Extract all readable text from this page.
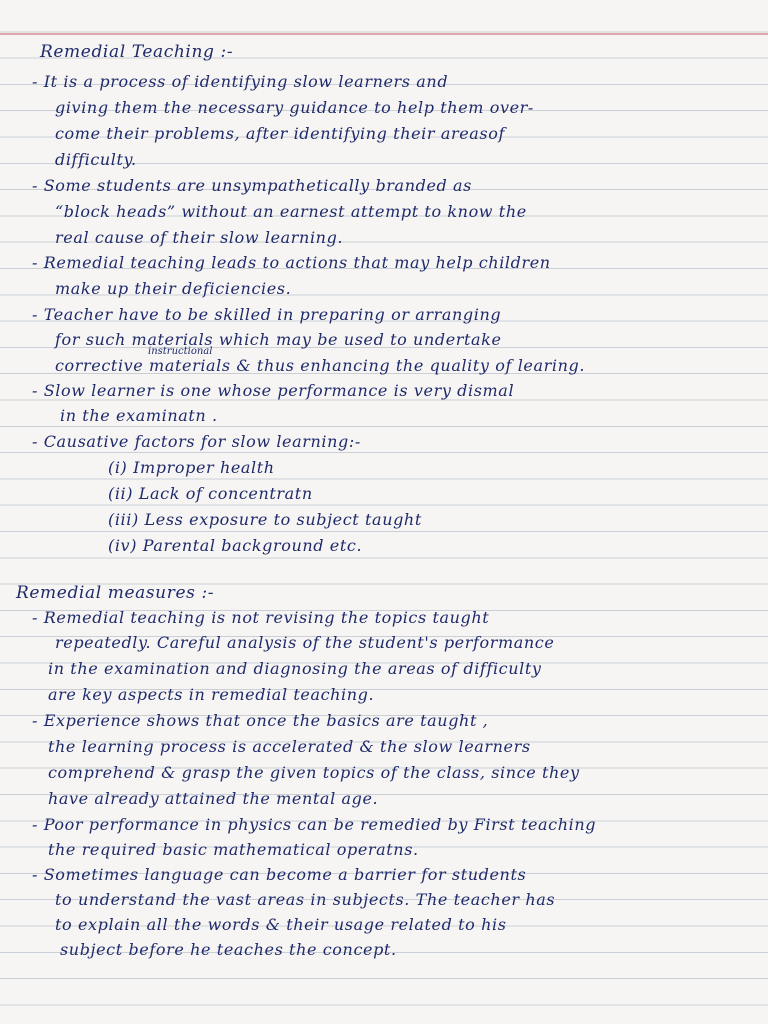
Remedial Teaching :-
- It is a process of identifying slow learners and
giving them the necessary guidance to help them over-
come their problems, after identifying their areasof
difficulty.
- Some students are unsympathetically branded as
“block heads” without an earnest attempt to know the
real cause of their slow learning.
- Remedial teaching leads to actions that may help children
make up their deficiencies.
- Teacher have to be skilled in preparing or arranging
for such materials which may be used to undertake
instructional
corrective materials & thus enhancing the quality of learing.
- Slow learner is one whose performance is very dismal
in the examinatn .
- Causative factors for slow learning:-
(i) Improper health
(ii) Lack of concentratn
(iii) Less exposure to subject taught
(iv) Parental background etc.
Remedial measures :-
- Remedial teaching is not revising the topics taught
repeatedly. Careful analysis of the student's performance
in the examination and diagnosing the areas of difficulty
are key aspects in remedial teaching.
- Experience shows that once the basics are taught ,
the learning process is accelerated & the slow learners
comprehend & grasp the given topics of the class, since they
have already attained the mental age.
- Poor performance in physics can be remedied by First teaching
the required basic mathematical operatns.
- Sometimes language can become a barrier for students
to understand the vast areas in subjects. The teacher has
to explain all the words & their usage related to his
subject before he teaches the concept.
